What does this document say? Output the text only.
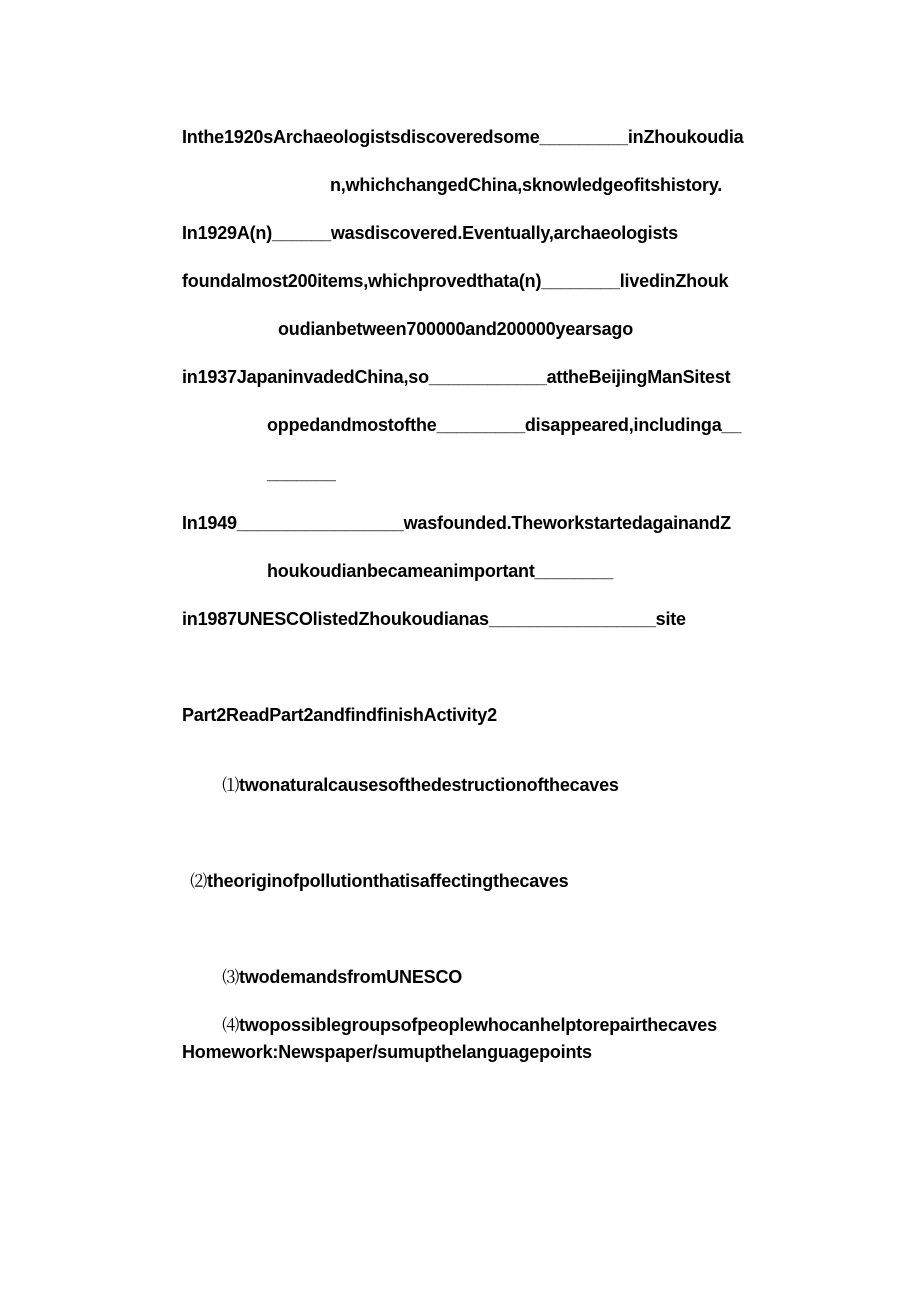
Inthe1920sArchaeologistsdiscoveredsome_________inZhoukoudia
n,whichchangedChina,sknowledgeofitshistory.
In1929A(n)______wasdiscovered.Eventually,archaeologists
foundalmost200items,whichprovedthata(n)________livedinZhouk
oudianbetween700000and200000yearsago
in1937JapaninvadedChina,so____________attheBeijingManSitest
oppedandmostofthe_________disappeared,includinga__
_______
In1949_________________wasfounded.TheworkstartedagainandZ
houkoudianbecameanimportant________
in1987UNESCOlistedZhoukoudianas_________________site
Part2ReadPart2andfindfinishActivity2

⑴twonaturalcausesofthedestructionofthecaves

⑵theoriginofpollutionthatisaffectingthecaves

⑶twodemandsfromUNESCO

⑷twopossiblegroupsofpeoplewhocanhelptorepairthecaves

Homework:Newspaper/sumupthelanguagepoints
